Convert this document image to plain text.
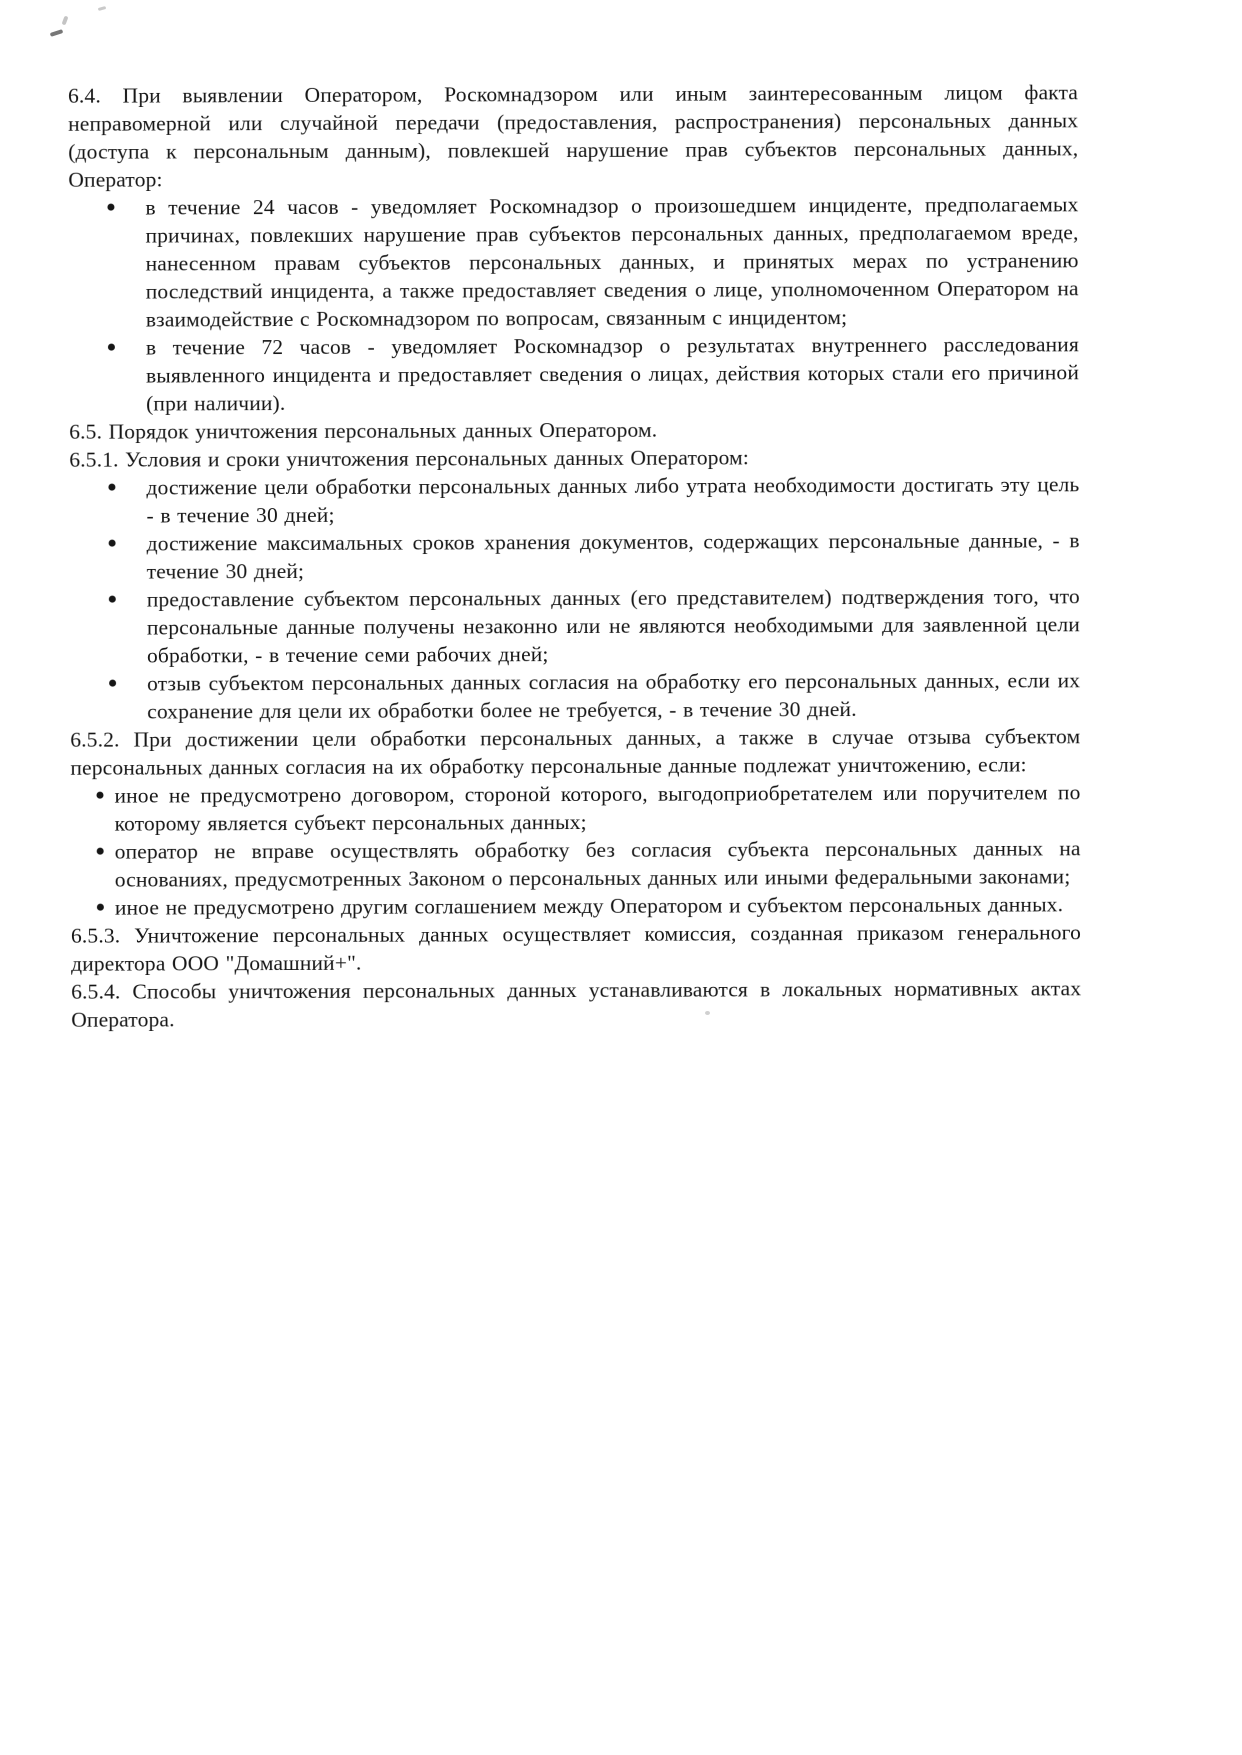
6.4. При выявлении Оператором, Роскомнадзором или иным заинтересованным лицом факта неправомерной или случайной передачи (предоставления, распространения) персональных данных (доступа к персональным данным), повлекшей нарушение прав субъектов персональных данных, Оператор:

в течение 24 часов - уведомляет Роскомнадзор о произошедшем инциденте, предполагаемых причинах, повлекших нарушение прав субъектов персональных данных, предполагаемом вреде, нанесенном правам субъектов персональных данных, и принятых мерах по устранению последствий инцидента, а также предоставляет сведения о лице, уполномоченном Оператором на взаимодействие с Роскомнадзором по вопросам, связанным с инцидентом;
в течение 72 часов - уведомляет Роскомнадзор о результатах внутреннего расследования выявленного инцидента и предоставляет сведения о лицах, действия которых стали его причиной (при наличии).

6.5. Порядок уничтожения персональных данных Оператором.

6.5.1. Условия и сроки уничтожения персональных данных Оператором:

достижение цели обработки персональных данных либо утрата необходимости достигать эту цель - в течение 30 дней;
достижение максимальных сроков хранения документов, содержащих персональные данные, - в течение 30 дней;
предоставление субъектом персональных данных (его представителем) подтверждения того, что персональные данные получены незаконно или не являются необходимыми для заявленной цели обработки, - в течение семи рабочих дней;
отзыв субъектом персональных данных согласия на обработку его персональных данных, если их сохранение для цели их обработки более не требуется, - в течение 30 дней.

6.5.2. При достижении цели обработки персональных данных, а также в случае отзыва субъектом персональных данных согласия на их обработку персональные данные подлежат уничтожению, если:

иное не предусмотрено договором, стороной которого, выгодоприобретателем или поручителем по которому является субъект персональных данных;
оператор не вправе осуществлять обработку без согласия субъекта персональных данных на основаниях, предусмотренных Законом о персональных данных или иными федеральными законами;
иное не предусмотрено другим соглашением между Оператором и субъектом персональных данных.

6.5.3. Уничтожение персональных данных осуществляет комиссия, созданная приказом генерального директора ООО "Домашний+".

6.5.4. Способы уничтожения персональных данных устанавливаются в локальных нормативных актах Оператора.
